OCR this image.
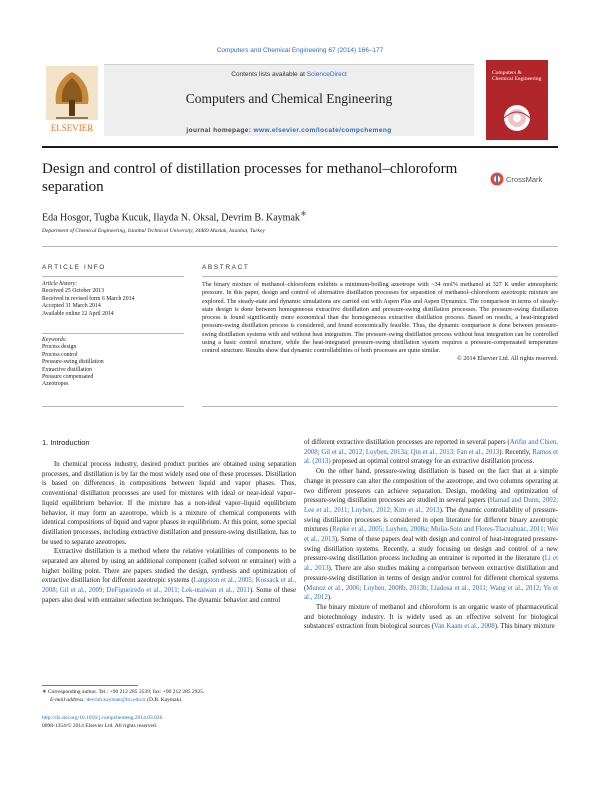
Computers and Chemical Engineering 67 (2014) 166–177
ELSEVIER
Contents lists available at ScienceDirect
Computers and Chemical Engineering
journal homepage: www.elsevier.com/locate/compchemeng
Computers & Chemical Engineering
Design and control of distillation processes for methanol–chloroform separation	CrossMark
Eda Hosgor, Tugba Kucuk, Ilayda N. Oksal, Devrim B. Kaymak∗
Department of Chemical Engineering, Istanbul Technical University, 34469 Maslak, Istanbul, Turkey
ARTICLE INFO	ABSTRACT
Article history:
Received 25 October 2013
Received in revised form 6 March 2014
Accepted 31 March 2014
Available online 12 April 2014
Keywords:
Process design
Process control
Pressure-swing distillation
Extractive distillation
Pressure compensated
Azeotropes
The binary mixture of methanol–chloroform exhibits a minimum-boiling azeotrope with ~34 mol% methanol at 327 K under atmospheric pressure. In this paper, design and control of alternative distillation processes for separation of methanol–chloroform azeotropic mixture are explored. The steady-state and dynamic simulations are carried out with Aspen Plus and Aspen Dynamics. The comparison in terms of steady-state design is done between homogeneous extractive distillation and pressure-swing distillation processes. The pressure-swing distillation process is found significantly more economical than the homogeneous extractive distillation process. Based on results, a heat-integrated pressure-swing distillation process is considered, and found economically feasible. Thus, the dynamic comparison is done between pressure-swing distillation systems with and without heat integration. The pressure-swing distillation process without heat integration can be controlled using a basic control structure, while the heat-integrated pressure-swing distillation system requires a pressure-compensated temperature control structure. Results show that dynamic controllabilities of both processes are quite similar.
© 2014 Elsevier Ltd. All rights reserved.
1. Introduction

In chemical process industry, desired product purities are obtained using separation processes, and distillation is by far the most widely used one of these processes. Distillation is based on differences in compositions between liquid and vapor phases. Thus, conventional distillation processes are used for mixtures with ideal or near-ideal vapor–liquid equilibrium behavior. If the mixture has a non-ideal vapor–liquid equilibrium behavior, it may form an azeotrope, which is a mixture of chemical components with identical compositions of liquid and vapor phases in equilibrium. At this point, some special distillation processes, including extractive distillation and pressure-swing distillation, has to be used to separate azeotropes.

Extractive distillation is a method where the relative volatilities of components to be separated are altered by using an additional component (called solvent or entrainer) with a higher boiling point. There are papers studied the design, synthesis and optimization of extractive distillation for different azeotropic systems (Langston et al., 2005; Kossack et al., 2008; Gil et al., 2009; DeFigueiredo et al., 2011; Lek-utaiwan et al., 2011). Some of these papers also deal with entrainer selection techniques. The dynamic behavior and control

of different extractive distillation processes are reported in several papers (Arifin and Chien, 2008; Gil et al., 2012; Luyben, 2013a; Qin et al., 2013; Fan et al., 2013). Recently, Ramos et al. (2013) proposed an optimal control strategy for an extractive distillation process.

On the other hand, pressure-swing distillation is based on the fact that at a simple change in pressure can alter the composition of the azeotrope, and two columns operating at two different pressures can achieve separation. Design, modeling and optimization of pressure-swing distillation processes are studied in several papers (Hamad and Dunn, 2002; Lee et al., 2011; Luyben, 2012; Kim et al., 2013). The dynamic controllability of pressure-swing distillation processes is considered in open literature for different binary azeotropic mixtures (Repke et al., 2005; Luyben, 2008a; Mulia-Soto and Flores-Tlacuahuac, 2011; Wei et al., 2013). Some of these papers deal with design and control of heat-integrated pressure-swing distillation systems. Recently, a study focusing on design and control of a new pressure-swing distillation process including an entrainer is reported in the literature (Li et al., 2013). There are also studies making a comparison between extractive distillation and pressure-swing distillation in terms of design and/or control for different chemical systems (Munoz et al., 2006; Luyben, 2008b, 2013b; Lladosa et al., 2011; Wang et al., 2012; Yu et al., 2012).

The binary mixture of methanol and chloroform is an organic waste of pharmaceutical and biotechnology industry. It is widely used as an effective solvent for biological substances' extraction from biological sources (Van Kaam et al., 2008). This binary mixture

∗ Corresponding author. Tel.: +90 212 285 3539; fax: +90 212 285 2925.
E-mail address: devrim.kaymak@itu.edu.tr (D.B. Kaymak).
http://dx.doi.org/10.1016/j.compchemeng.2014.03.026
0098-1354/© 2014 Elsevier Ltd. All rights reserved.
